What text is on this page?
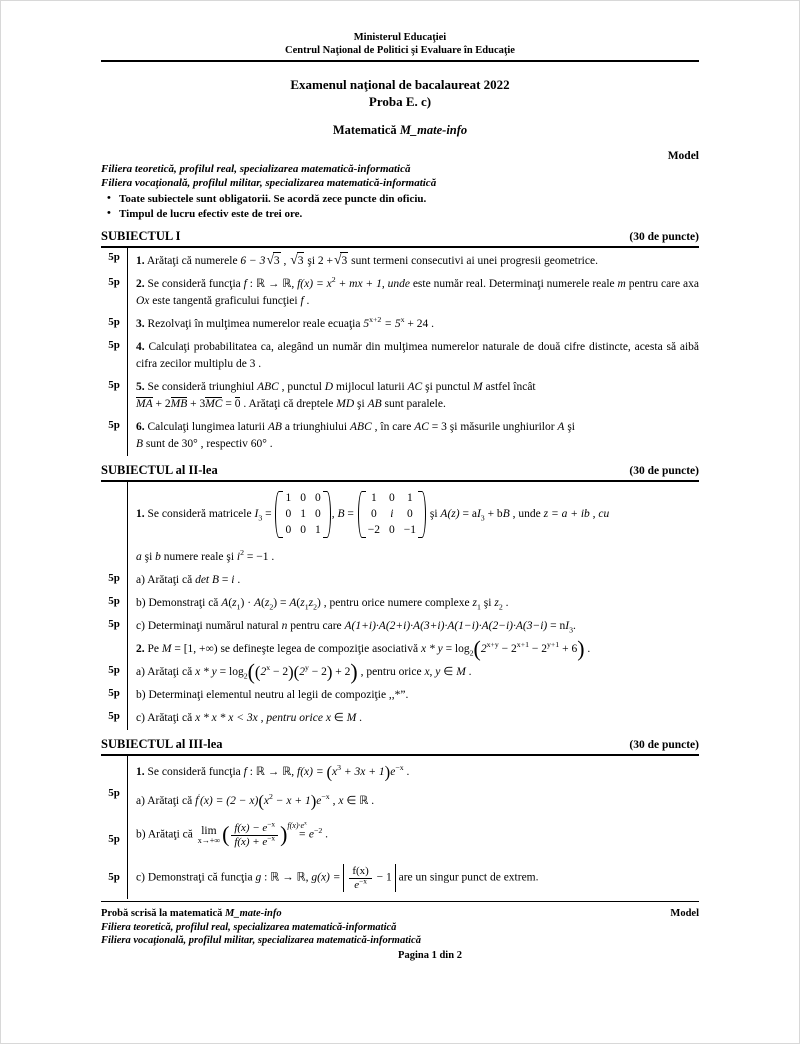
Ministerul Educaţiei
Centrul Naţional de Politici şi Evaluare în Educaţie
Examenul naţional de bacalaureat 2022
Proba E. c)
Matematică M_mate-info
Model
Filiera teoretică, profilul real, specializarea matematică-informatică
Filiera vocaţională, profilul militar, specializarea matematică-informatică
• Toate subiectele sunt obligatorii. Se acordă zece puncte din oficiu.
• Timpul de lucru efectiv este de trei ore.
SUBIECTUL I	(30 de puncte)
5p	1. Arătaţi că numerele 6 − 3√3 , √3 şi 2 +√3 sunt termeni consecutivi ai unei progresii geometrice.
5p	2. Se consideră funcţia f : ℝ → ℝ, $f(x) = x^2$ + mx + 1, unde este număr real. Determinaţi numerele reale m pentru care axa Ox este tangentă graficului funcţiei f .
5p	3. Rezolvaţi în mulţimea numerelor reale ecuaţia $5^{x+2} = 5^x + 24$ .
5p	4. Calculaţi probabilitatea ca, alegând un număr din mulţimea numerelor naturale de două cifre distincte, acesta să aibă cifra zecilor multiplu de 3 .
5p	5. Se consideră triunghiul ABC , punctul D mijlocul laturii AC şi punctul M astfel încât
MA + 2MB + 3MC = 0 . Arătaţi că dreptele MD şi AB sunt paralele.
5p	6. Calculaţi lungimea laturii AB a triunghiului ABC , în care AC = 3 şi măsurile unghiurilor A şi
B sunt de 30° , respectiv 60° .
SUBIECTUL al II-lea	(30 de puncte)
	1. Se consideră matricele $I_3$ =
1 0 0
0 1 0
0 0 1
, B =
1 0 1
0 i 0
−2 0 −1
şi $A(z) = aI_3$ + bB , unde z = a + ib , cu
a şi b numere reale şi $i^2 = -1$ .

5p	a) Arătaţi că det B = i .
5p	b) Demonstraţi că $A(z_1) \cdot A(z_2) = A(z_1z_2)$ , pentru orice numere complexe $z_1$ şi $z_2$ .
5p	c) Determinaţi numărul natural n pentru care $A(1+i)\cdot A(2+i)\cdot A(3+i)\cdot A(1-i)\cdot A(2-i)\cdot A(3-i) = nI_3$.
	2. Pe M = [1, +∞) se defineşte legea de compoziţie asociativă $x * y = \log_2(2^{x+y} - 2^{x+1} - 2^{y+1} + 6)$ .
5p	a) Arătaţi că $x * y = \log_2((2^x - 2)(2^y - 2) + 2)$ , pentru orice x, y ∈ M .
5p	b) Determinaţi elementul neutru al legii de compoziţie ,,*”.
5p	c) Arătaţi că x * x * x < 3x , pentru orice x ∈ M .
SUBIECTUL al III-lea	(30 de puncte)
	1. Se consideră funcţia f : ℝ → ℝ, $f(x) = (x^3 + 3x + 1)e^{-x}$ .
5p	a) Arătaţi că $f'(x) = (2 - x)(x^2 - x + 1)e^{-x}$ , x ∈ ℝ .
5p	b) Arătaţi că lim
x→+∞ ( $\frac{f(x) - e^{-x}}{f(x) + e^{-x}}$ ) $f(x)\cdot e^x$
= $e^{-2}$ .
5p	c) Demonstraţi că funcţia g : ℝ → ℝ, $g(x) = \frac{f(x)}{e^{-x}} - 1$ are un singur punct de extrem.
Probă scrisă la matematică M_mate-info	Model
Filiera teoretică, profilul real, specializarea matematică-informatică
Filiera vocaţională, profilul militar, specializarea matematică-informatică
Pagina 1 din 2
